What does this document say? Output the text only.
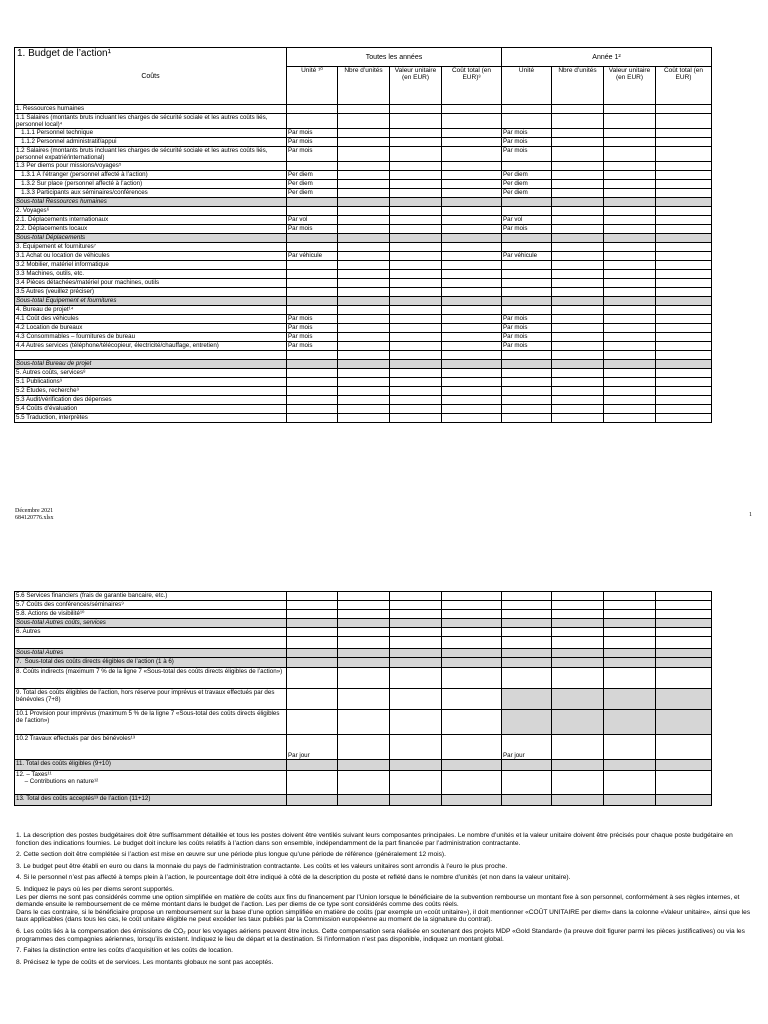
1. Budget de l’action¹
Coûts	Toutes les années				Année 1²			
	Unité ¹⁰	Nbre d’unités	Valeur unitaire (en EUR)	Coût total (en EUR)³	Unité	Nbre d’unités	Valeur unitaire (en EUR)	Coût total (en EUR)
1. Ressources humaines								
1.1 Salaires (montants bruts incluant les charges de sécurité sociale et les autres coûts liés, personnel local)⁴								
1.1.1 Personnel technique	Par mois				Par mois			
1.1.2 Personnel administratif/appui	Par mois				Par mois			
1.2 Salaires (montants bruts incluant les charges de sécurité sociale et les autres coûts liés, personnel expatrié/international)	Par mois				Par mois			
1.3 Per diems pour missions/voyages⁵								
1.3.1 À l’étranger (personnel affecté à l’action)	Per diem				Per diem			
1.3.2 Sur place (personnel affecté à l’action)	Per diem				Per diem			
1.3.3 Participants aux séminaires/conférences	Per diem				Per diem			
Sous-total Ressources humaines								
2. Voyages⁶								
2.1. Déplacements internationaux	Par vol				Par vol			
2.2. Déplacements locaux	Par mois				Par mois			
Sous-total Déplacements								
3. Equipement et fournitures⁷								
3.1 Achat ou location de véhicules	Par véhicule				Par véhicule			
3.2 Mobilier, matériel informatique								
3.3 Machines, outils, etc.								
3.4 Pièces détachées/matériel pour machines, outils								
3.5 Autres (veuillez préciser)								
Sous-total Equipement et fournitures								
4. Bureau de projet¹⁴								
4.1 Coût des véhicules	Par mois				Par mois			
4.2 Location de bureaux	Par mois				Par mois			
4.3 Consommables – fournitures de bureau	Par mois				Par mois			
4.4 Autres services (téléphone/télécopieur, électricité/chauffage, entretien)	Par mois				Par mois			

Sous-total Bureau de projet								
5. Autres coûts, services⁸								
5.1 Publications⁹								
5.2 Études, recherche⁹								
5.3 Audit/vérification des dépenses								
5.4 Coûts d’évaluation								
5.5 Traduction, interprètes								
Décembre 2021
684120776.xlsx	1
5.6 Services financiers (frais de garantie bancaire, etc.)								
5.7 Coûts des conférences/séminaires⁹								
5.8. Actions de visibilité¹⁰								
Sous-total Autres coûts, services								
6. Autres								

Sous-total Autres								
7.  Sous-total des coûts directs éligibles de l’action (1 à 6)								
8. Coûts indirects (maximum 7 % de la ligne 7 «Sous-total des coûts directs éligibles de l’action»)								
9. Total des coûts éligibles de l’action, hors réserve pour imprévus et travaux effectués par des bénévoles (7+8)								
10.1 Provision pour imprévus (maximum 5 % de la ligne 7 «Sous-total des coûts directs éligibles de l’action»)								
10.2 Travaux effectués par des bénévoles¹³	Par jour				Par jour			
11. Total des coûts éligibles (9+10)								
12. – Taxes¹¹
– Contributions en nature¹²								
13. Total des coûts acceptés¹³ de l’action (11+12)								

1. La description des postes budgétaires doit être suffisamment détaillée et tous les postes doivent être ventilés suivant leurs composantes principales. Le nombre d’unités et la valeur unitaire doivent être précisés pour chaque poste budgétaire en fonction des indications fournies. Le budget doit inclure les coûts relatifs à l’action dans son ensemble, indépendamment de la part financée par l’administration contractante.

2. Cette section doit être complétée si l’action est mise en œuvre sur une période plus longue qu’une période de référence (généralement 12 mois).

3. Le budget peut être établi en euro ou dans la monnaie du pays de l’administration contractante. Les coûts et les valeurs unitaires sont arrondis à l’euro le plus proche.

4. Si le personnel n’est pas affecté à temps plein à l’action, le pourcentage doit être indiqué à côté de la description du poste et reflété dans le nombre d’unités (et non dans la valeur unitaire).

5. Indiquez le pays où les per diems seront supportés.
Les per diems ne sont pas considérés comme une option simplifiée en matière de coûts aux fins du financement par l’Union lorsque le bénéficiaire de la subvention rembourse un montant fixe à son personnel, conformément à ses règles internes, et demande ensuite le remboursement de ce même montant dans le budget de l’action. Les per diems de ce type sont considérés comme des coûts réels.
Dans le cas contraire, si le bénéficiaire propose un remboursement sur la base d’une option simplifiée en matière de coûts (par exemple un «coût unitaire»), il doit mentionner «COÛT UNITAIRE per diem» dans la colonne «Valeur unitaire», ainsi que les taux applicables (dans tous les cas, le coût unitaire éligible ne peut excéder les taux publiés par la Commission européenne au moment de la signature du contrat).

6. Les coûts liés à la compensation des émissions de CO₂ pour les voyages aériens peuvent être inclus. Cette compensation sera réalisée en soutenant des projets MDP «Gold Standard» (la preuve doit figurer parmi les pièces justificatives) ou via les programmes des compagnies aériennes, lorsqu’ils existent. Indiquez le lieu de départ et la destination. Si l’information n’est pas disponible, indiquez un montant global.

7. Faites la distinction entre les coûts d’acquisition et les coûts de location.

8. Précisez le type de coûts et de services. Les montants globaux ne sont pas acceptés.
